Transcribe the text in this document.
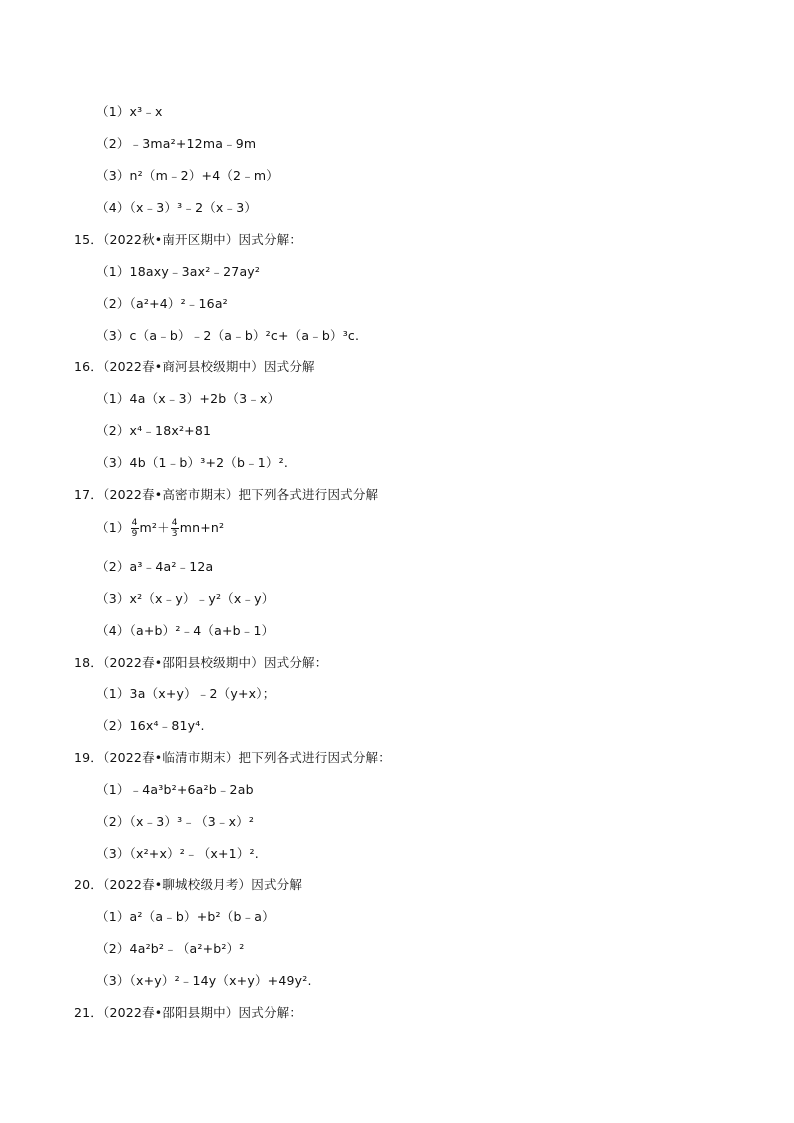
（1）x³﹣x
（2）﹣3ma²+12ma﹣9m
（3）n²（m﹣2）+4（2﹣m）
（4）（x﹣3）³﹣2（x﹣3）
15．（2022秋•南开区期中）因式分解：
（1）18axy﹣3ax²﹣27ay²
（2）（a²+4）²﹣16a²
（3）c（a﹣b）﹣2（a﹣b）²c+（a﹣b）³c.
16．（2022春•商河县校级期中）因式分解
（1）4a（x﹣3）+2b（3﹣x）
（2）x⁴﹣18x²+81
（3）4b（1﹣b）³+2（b﹣1）².
17．（2022春•高密市期末）把下列各式进行因式分解
$(1) \frac{4}{9} m^2+ \frac{4}{3} mn+n^2$
（2）a³﹣4a²﹣12a
（3）x²（x﹣y）﹣y²（x﹣y）
（4）（a+b）²﹣4（a+b﹣1）
18．（2022春•邵阳县校级期中）因式分解：
（1）3a（x+y）﹣2（y+x）；
（2）16x⁴﹣81y⁴.
19．（2022春•临清市期末）把下列各式进行因式分解：
（1）﹣4a³b²+6a²b﹣2ab
（2）（x﹣3）³﹣（3﹣x）²
（3）（x²+x）²﹣（x+1）².
20．（2022春•聊城校级月考）因式分解
（1）a²（a﹣b）+b²（b﹣a）
（2）4a²b²﹣（a²+b²）²
（3）（x+y）²﹣14y（x+y）+49y².
21．（2022春•邵阳县期中）因式分解：
